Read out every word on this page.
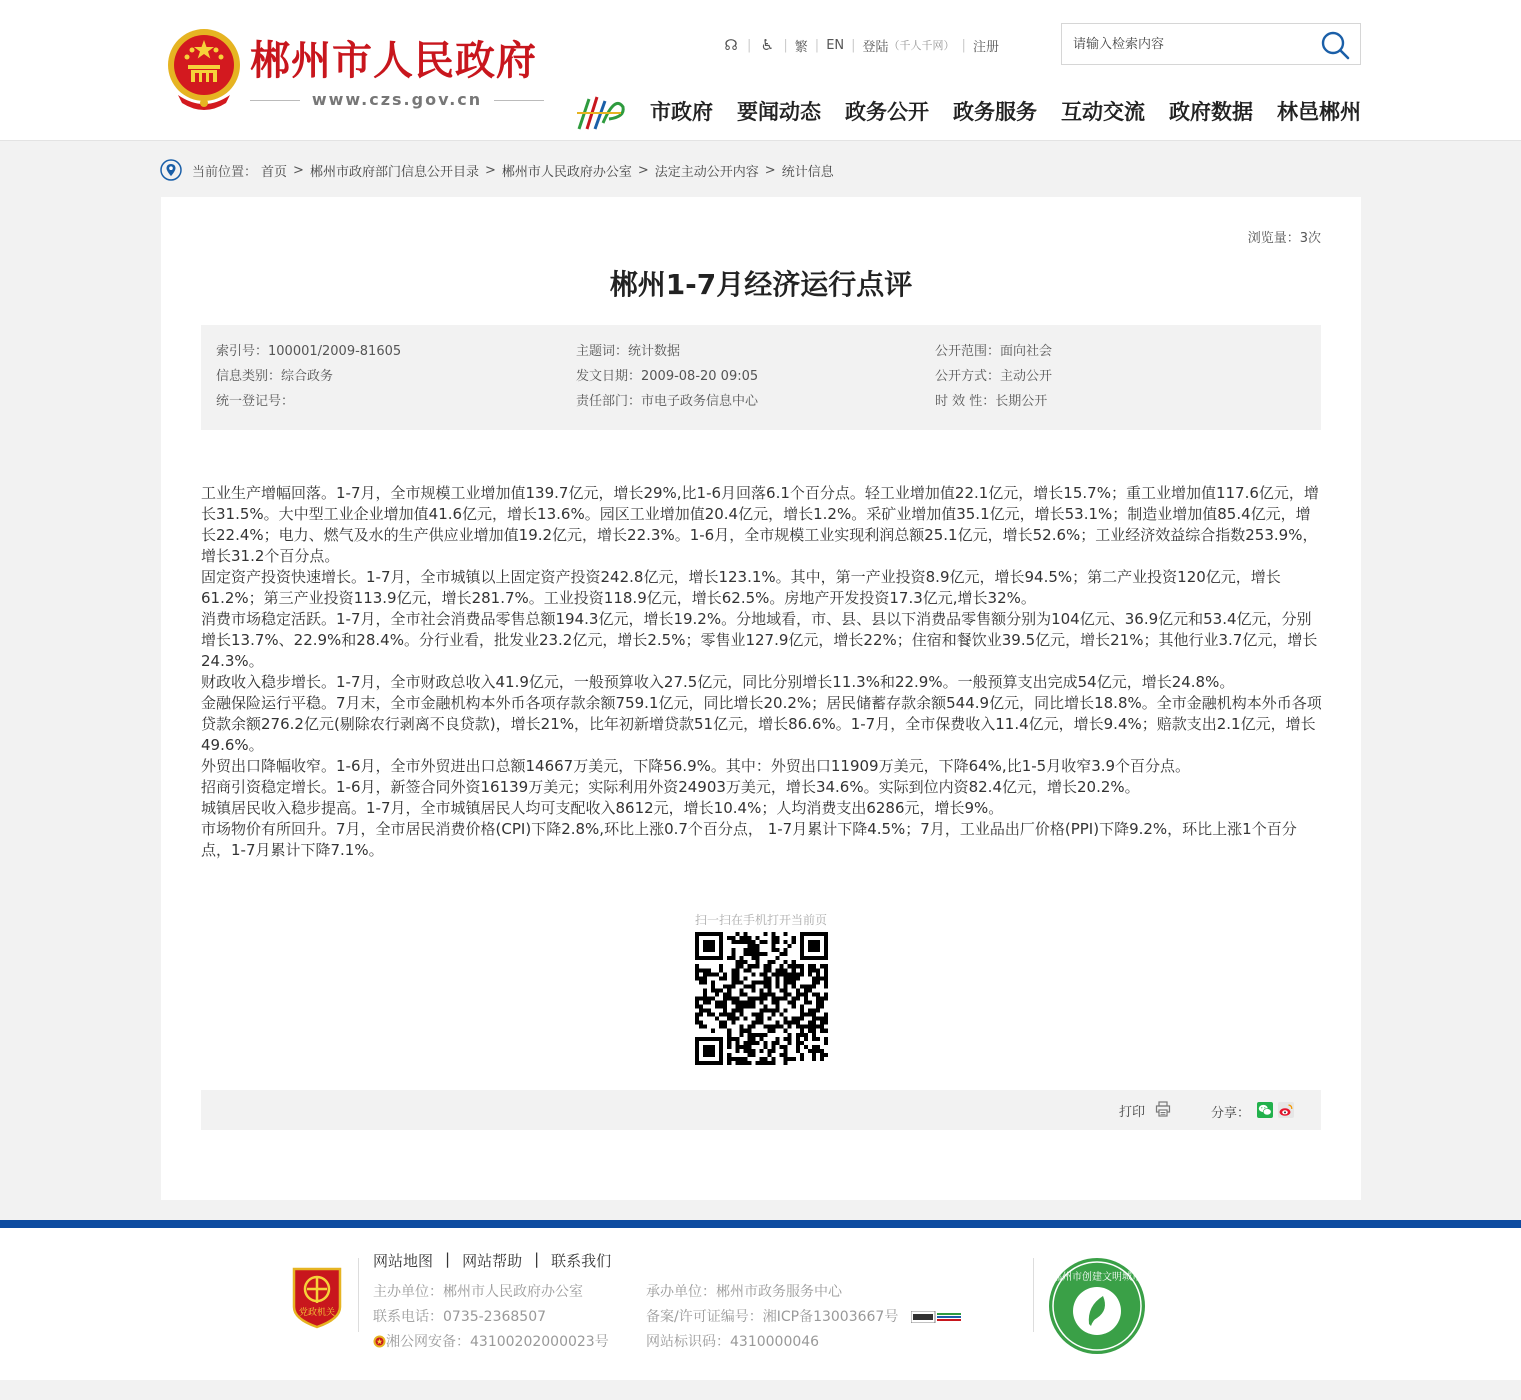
郴州市人民政府
www.czs.gov.cn
☊ | ♿ | 繁 | EN | 登陆 （千人千网） | 注册
请输入检索内容
市政府 要闻动态 政务公开 政务服务 互动交流 政府数据 林邑郴州
当前位置： 首页 > 郴州市政府部门信息公开目录 > 郴州市人民政府办公室 > 法定主动公开内容 > 统计信息
浏览量：3次
郴州1-7月经济运行点评
索引号：100001/2009-81605
信息类别：综合政务
统一登记号：
主题词：统计数据
发文日期：2009-08-20 09:05
责任部门：市电子政务信息中心
公开范围：面向社会
公开方式：主动公开
时 效 性：长期公开

工业生产增幅回落。1-7月，全市规模工业增加值139.7亿元，增长29%,比1-6月回落6.1个百分点。轻工业增加值22.1亿元，增长15.7%；重工业增加值117.6亿元，增长31.5%。大中型工业企业增加值41.6亿元，增长13.6%。园区工业增加值20.4亿元，增长1.2%。采矿业增加值35.1亿元，增长53.1%；制造业增加值85.4亿元，增长22.4%；电力、燃气及水的生产供应业增加值19.2亿元，增长22.3%。1-6月，全市规模工业实现利润总额25.1亿元，增长52.6%；工业经济效益综合指数253.9%，增长31.2个百分点。

固定资产投资快速增长。1-7月，全市城镇以上固定资产投资242.8亿元，增长123.1%。其中，第一产业投资8.9亿元，增长94.5%；第二产业投资120亿元，增长61.2%；第三产业投资113.9亿元，增长281.7%。工业投资118.9亿元，增长62.5%。房地产开发投资17.3亿元,增长32%。

消费市场稳定活跃。1-7月，全市社会消费品零售总额194.3亿元，增长19.2%。分地域看，市、县、县以下消费品零售额分别为104亿元、36.9亿元和53.4亿元，分别增长13.7%、22.9%和28.4%。分行业看，批发业23.2亿元，增长2.5%；零售业127.9亿元，增长22%；住宿和餐饮业39.5亿元，增长21%；其他行业3.7亿元，增长24.3%。

财政收入稳步增长。1-7月，全市财政总收入41.9亿元，一般预算收入27.5亿元，同比分别增长11.3%和22.9%。一般预算支出完成54亿元，增长24.8%。

金融保险运行平稳。7月末，全市金融机构本外币各项存款余额759.1亿元，同比增长20.2%；居民储蓄存款余额544.9亿元，同比增长18.8%。全市金融机构本外币各项贷款余额276.2亿元(剔除农行剥离不良贷款)，增长21%，比年初新增贷款51亿元，增长86.6%。1-7月，全市保费收入11.4亿元，增长9.4%；赔款支出2.1亿元，增长49.6%。

外贸出口降幅收窄。1-6月，全市外贸进出口总额14667万美元，下降56.9%。其中：外贸出口11909万美元，下降64%,比1-5月收窄3.9个百分点。

招商引资稳定增长。1-6月，新签合同外资16139万美元；实际利用外资24903万美元，增长34.6%。实际到位内资82.4亿元，增长20.2%。

城镇居民收入稳步提高。1-7月，全市城镇居民人均可支配收入8612元，增长10.4%；人均消费支出6286元，增长9%。

市场物价有所回升。7月，全市居民消费价格(CPI)下降2.8%,环比上涨0.7个百分点， 1-7月累计下降4.5%；7月，工业品出厂价格(PPI)下降9.2%，环比上涨1个百分点，1-7月累计下降7.1%。

扫一扫在手机打开当前页
打印	分享：
党政机关
网站地图 | 网站帮助 | 联系我们
主办单位：郴州市人民政府办公室
联系电话：0735-2368507
湘公网安备：43100202000023号
承办单位：郴州市政务服务中心
备案/许可证编号：湘ICP备13003667号
网站标识码：4310000046
郴州市创建文明城市
